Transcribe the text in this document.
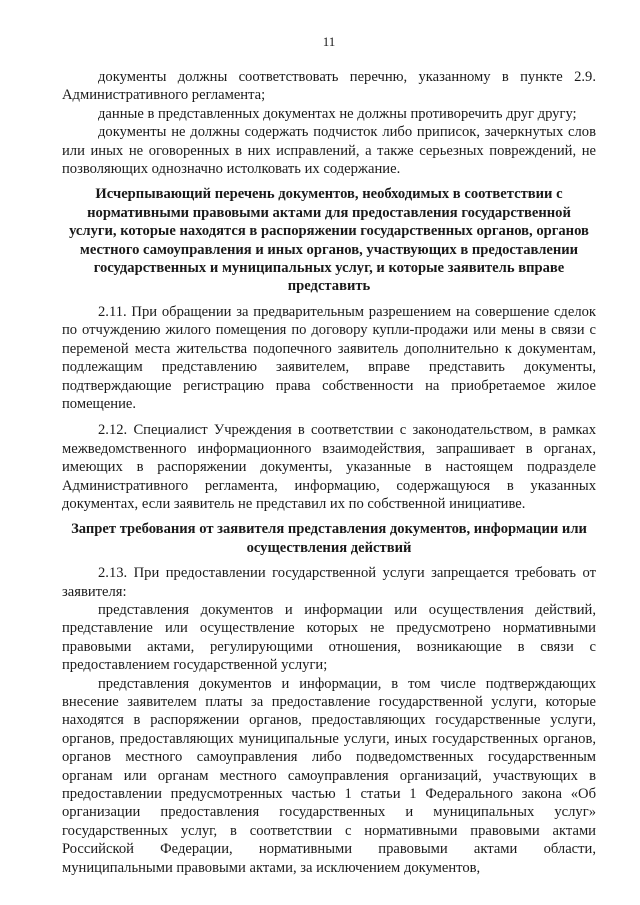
11

документы должны соответствовать перечню, указанному в пункте 2.9. Административного регламента;

данные в представленных документах не должны противоречить друг другу;

документы не должны содержать подчисток либо приписок, зачеркнутых слов или иных не оговоренных в них исправлений, а также серьезных повреждений, не позволяющих однозначно истолковать их содержание.

Исчерпывающий перечень документов, необходимых в соответствии с нормативными правовыми актами для предоставления государственной услуги, которые находятся в распоряжении государственных органов, органов местного самоуправления и иных органов, участвующих в предоставлении государственных и муниципальных услуг, и которые заявитель вправе представить

2.11. При обращении за предварительным разрешением на совершение сделок по отчуждению жилого помещения по договору купли-продажи или мены в связи с переменой места жительства подопечного заявитель дополнительно к документам, подлежащим представлению заявителем, вправе представить документы, подтверждающие регистрацию права собственности на приобретаемое жилое помещение.

2.12. Специалист Учреждения в соответствии с законодательством, в рамках межведомственного информационного взаимодействия, запрашивает в органах, имеющих в распоряжении документы, указанные в настоящем подразделе Административного регламента, информацию, содержащуюся в указанных документах, если заявитель не представил их по собственной инициативе.

Запрет требования от заявителя представления документов, информации или осуществления действий

2.13. При предоставлении государственной услуги запрещается требовать от заявителя:

представления документов и информации или осуществления действий, представление или осуществление которых не предусмотрено нормативными правовыми актами, регулирующими отношения, возникающие в связи с предоставлением государственной услуги;

представления документов и информации, в том числе подтверждающих внесение заявителем платы за предоставление государственной услуги, которые находятся в распоряжении органов, предоставляющих государственные услуги, органов, предоставляющих муниципальные услуги, иных государственных органов, органов местного самоуправления либо подведомственных государственным органам или органам местного самоуправления организаций, участвующих в предоставлении предусмотренных частью 1 статьи 1 Федерального закона «Об организации предоставления государственных и муниципальных услуг» государственных услуг, в соответствии с нормативными правовыми актами Российской Федерации, нормативными правовыми актами области, муниципальными правовыми актами, за исключением документов,
